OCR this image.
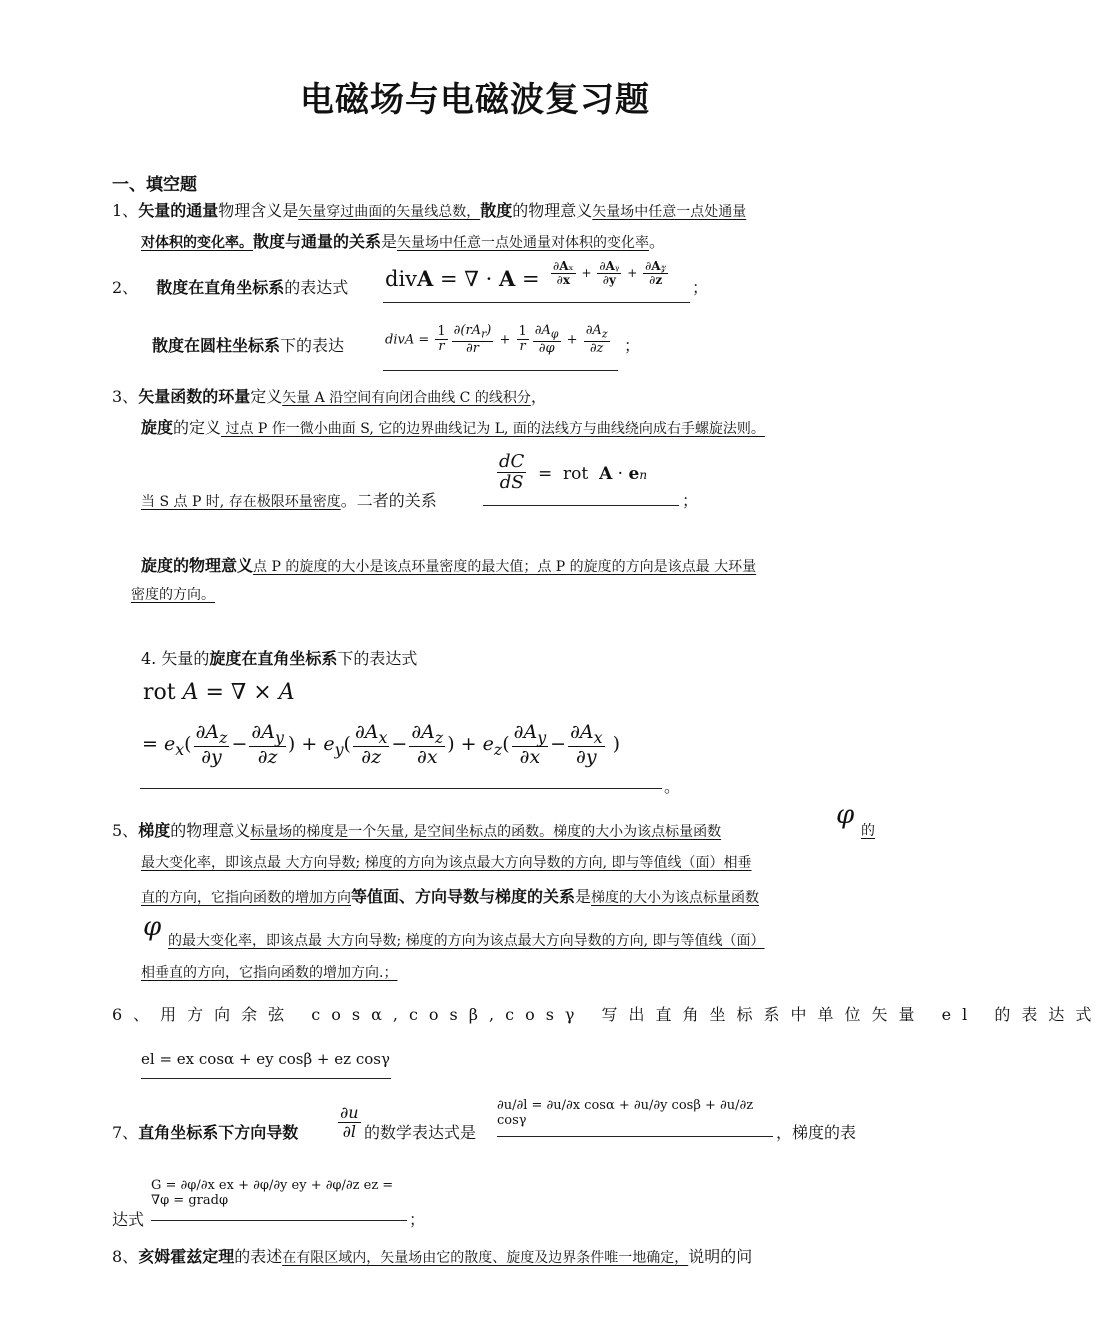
电磁场与电磁波复习题
一、填空题
1、矢量的通量物理含义是矢量穿过曲面的矢量线总数，散度的物理意义矢量场中任意一点处通量
对体积的变化率。散度与通量的关系是矢量场中任意一点处通量对体积的变化率。
2、 散度在直角坐标系的表达式 divA = ∇ · $A = \frac{\text{∂Aₓ}}{\partial x} + \frac{\text{∂Aᵧ}}{\partial y} + \frac{\text{∂A𝓏}}{\partial z}$
；
散度在圆柱坐标系下的表达	divA = $\frac{1}{r} \frac{\partial(rA_r)}{\partial r} + \frac{1}{r} \frac{\partial A_\varphi}{\partial\varphi} + \frac{\partial A_z}{\partial z}$ ；
3、矢量函数的环量定义矢量 A 沿空间有向闭合曲线 C 的线积分，
旋度的定义 过点 P 作一微小曲面 S, 它的边界曲线记为 L, 面的法线方与曲线绕向成右手螺旋法则。
当 S 点 P 时, 存在极限环量密度。二者的关系
$\frac{dC}{dS}$ =  rot  A · en
；
旋度的物理意义点 P 的旋度的大小是该点环量密度的最大值；点 P 的旋度的方向是该点最 大环量
密度的方向。
4. 矢量的旋度在直角坐标系下的表达式
rot A = ∇ × A
= $e_x( \frac{\partial A_z}{\partial y} - \frac{\partial A_y}{\partial z}$ ) + $e_y( \frac{\partial A_x}{\partial z} - \frac{\partial A_z}{\partial x}$ ) + $e_z( \frac{\partial A_y}{\partial x} - \frac{\partial A_x}{\partial y}$ )
。
5、梯度的物理意义标量场的梯度是一个矢量, 是空间坐标点的函数。梯度的大小为该点标量函数
φ
的
最大变化率，即该点最 大方向导数; 梯度的方向为该点最大方向导数的方向, 即与等值线（面）相垂
直的方向，它指向函数的增加方向等值面、方向导数与梯度的关系是梯度的大小为该点标量函数
φ 的最大变化率，即该点最 大方向导数; 梯度的方向为该点最大方向导数的方向, 即与等值线（面）
相垂直的方向，它指向函数的增加方向.；
6、用方向余弦 cosα,cosβ,cosγ 写出直角坐标系中单位矢量 el 的表达式
el = ex cosα + ey cosβ + ez cosγ
7、直角坐标系下方向导数 $\frac{\partial u}{\partial l}$ 的数学表达式是
∂u/∂l = ∂u/∂x cosα + ∂u/∂y cosβ + ∂u/∂z cosγ
，梯度的表
达式
G = ∂φ/∂x ex + ∂φ/∂y ey + ∂φ/∂z ez = ∇φ = gradφ
；
8、亥姆霍兹定理的表述在有限区域内，矢量场由它的散度、旋度及边界条件唯一地确定，说明的问
